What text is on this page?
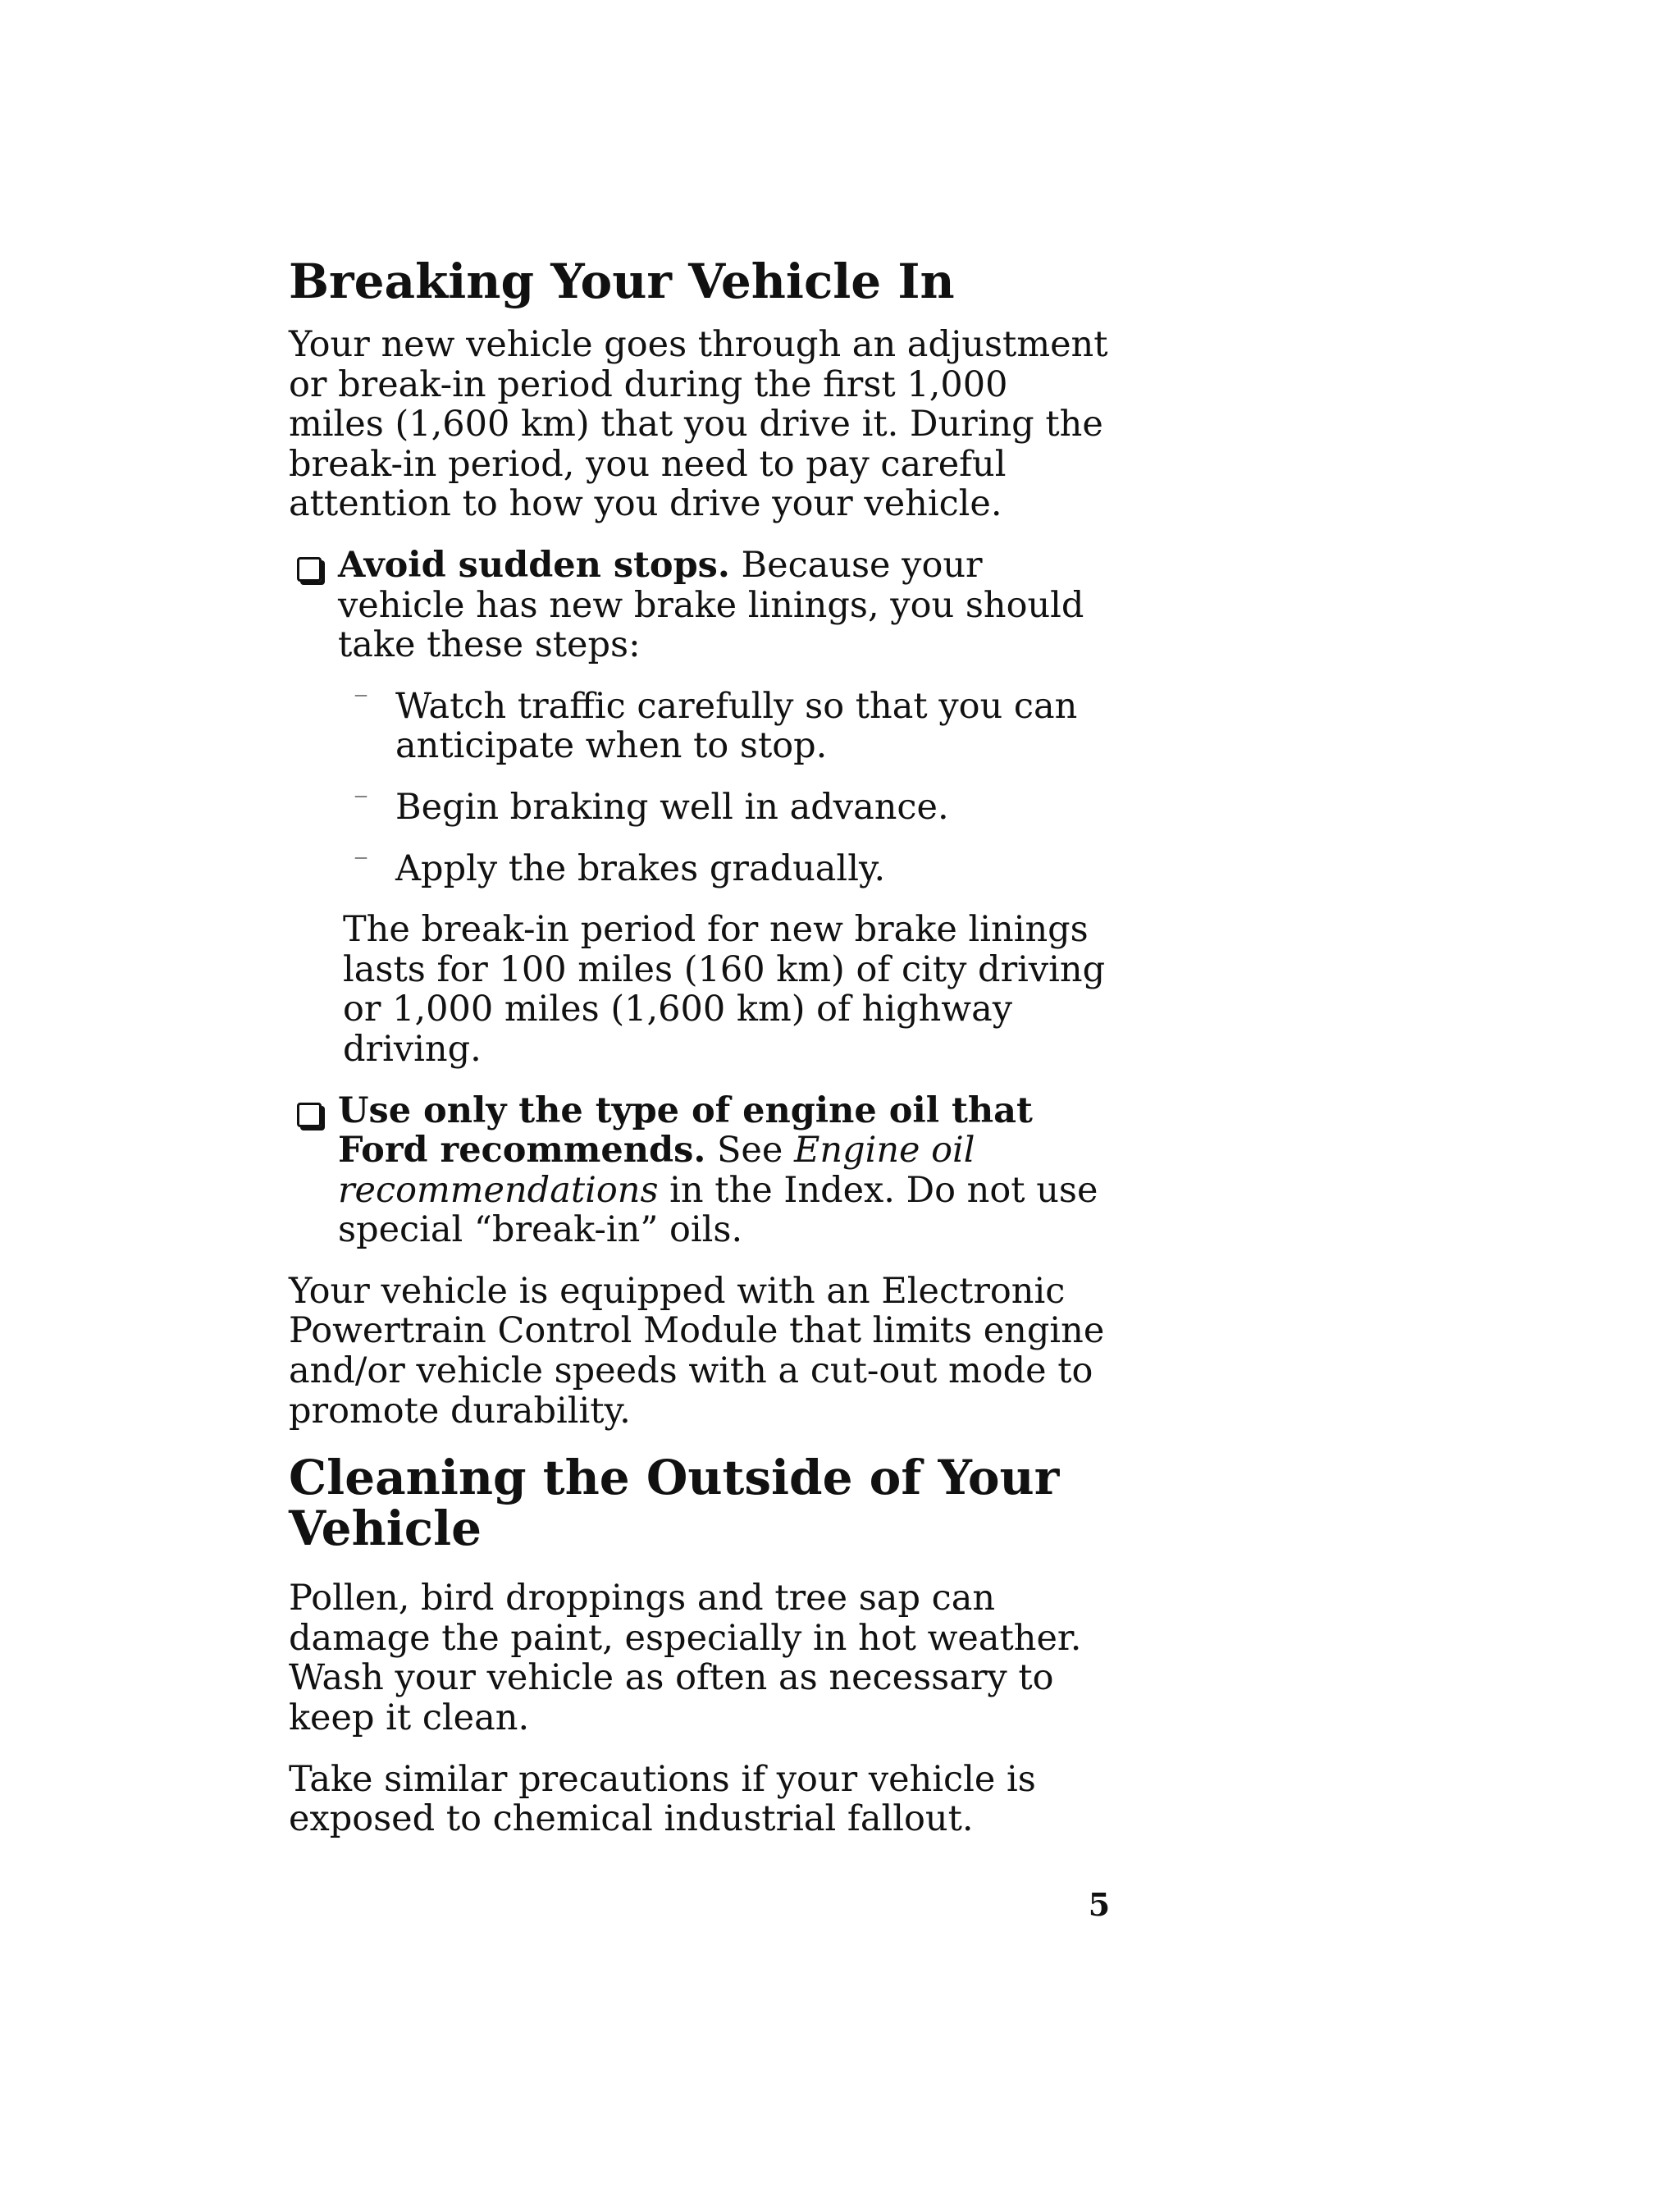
Breaking Your Vehicle In

Your new vehicle goes through an adjustment or break-in period during the first 1,000 miles (1,600 km) that you drive it. During the break-in period, you need to pay careful attention to how you drive your vehicle.

Avoid sudden stops. Because your vehicle has new brake linings, you should take these steps:

— Watch traffic carefully so that you can anticipate when to stop.

— Begin braking well in advance.

— Apply the brakes gradually.

The break-in period for new brake linings lasts for 100 miles (160 km) of city driving or 1,000 miles (1,600 km) of highway driving.

Use only the type of engine oil that Ford recommends. See Engine oil recommendations in the Index. Do not use special “break-in” oils.

Your vehicle is equipped with an Electronic Powertrain Control Module that limits engine and/or vehicle speeds with a cut-out mode to promote durability.

Cleaning the Outside of Your Vehicle

Pollen, bird droppings and tree sap can damage the paint, especially in hot weather. Wash your vehicle as often as necessary to keep it clean.

Take similar precautions if your vehicle is exposed to chemical industrial fallout.

5
